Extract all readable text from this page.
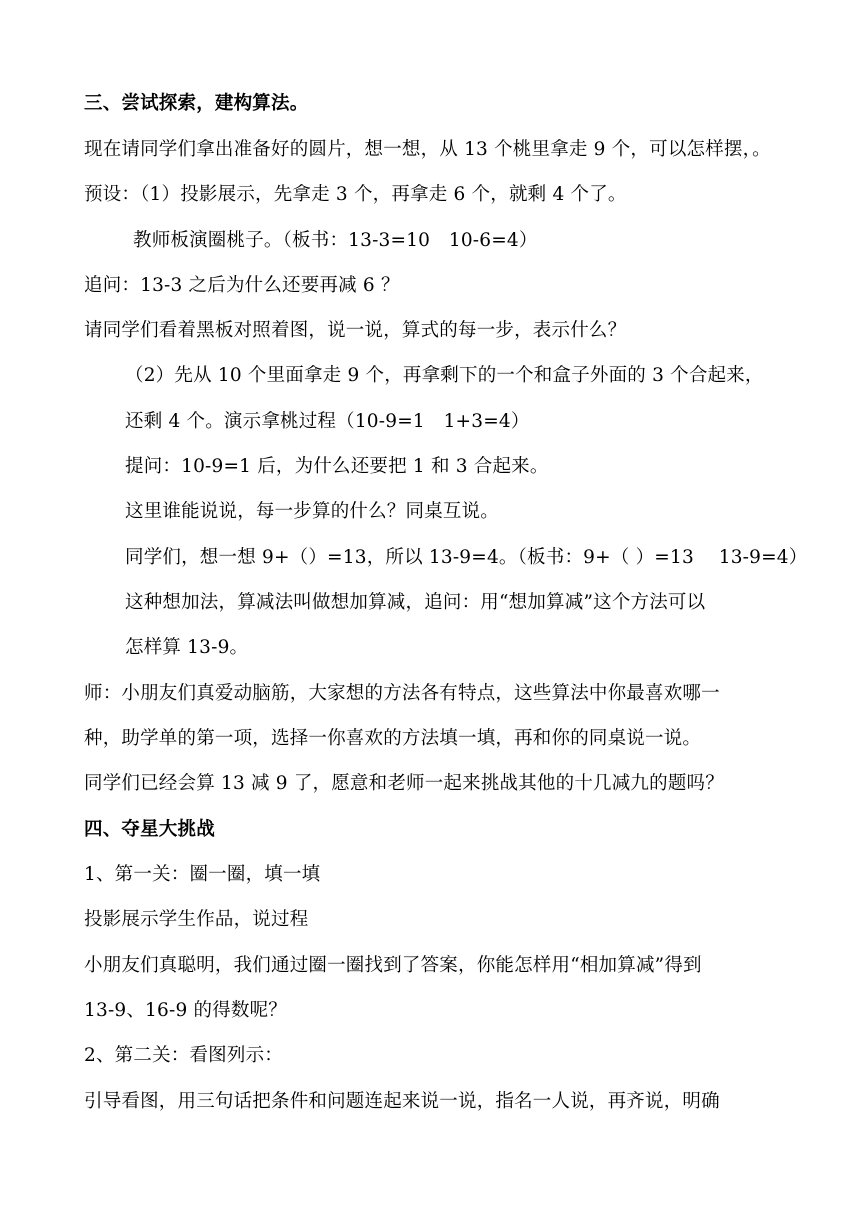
三、尝试探索，建构算法。
现在请同学们拿出准备好的圆片，想一想，从 13 个桃里拿走 9 个，可以怎样摆，。
预设：（1）投影展示，先拿走 3 个，再拿走 6 个，就剩 4 个了。
教师板演圈桃子。（板书：13-3=10　10-6=4）
追问：13-3 之后为什么还要再减 6 ？
请同学们看着黑板对照着图，说一说，算式的每一步，表示什么？
（2）先从 10 个里面拿走 9 个，再拿剩下的一个和盒子外面的 3 个合起来，
还剩 4 个。演示拿桃过程（10-9=1　1+3=4）
提问：10-9=1 后，为什么还要把 1 和 3 合起来。
这里谁能说说，每一步算的什么？同桌互说。
同学们，想一想 9+（）=13，所以 13-9=4。（板书：9+（ ）=13　 13-9=4）
这种想加法，算减法叫做想加算减，追问：用“想加算减”这个方法可以
怎样算 13-9。
师：小朋友们真爱动脑筋，大家想的方法各有特点，这些算法中你最喜欢哪一
种，助学单的第一项，选择一你喜欢的方法填一填，再和你的同桌说一说。
同学们已经会算 13 减 9 了，愿意和老师一起来挑战其他的十几减九的题吗？
四、夺星大挑战
1、第一关：圈一圈，填一填
投影展示学生作品，说过程
小朋友们真聪明，我们通过圈一圈找到了答案，你能怎样用“相加算减”得到
13-9、16-9 的得数呢？
2、第二关：看图列示：
引导看图，用三句话把条件和问题连起来说一说，指名一人说，再齐说，明确
